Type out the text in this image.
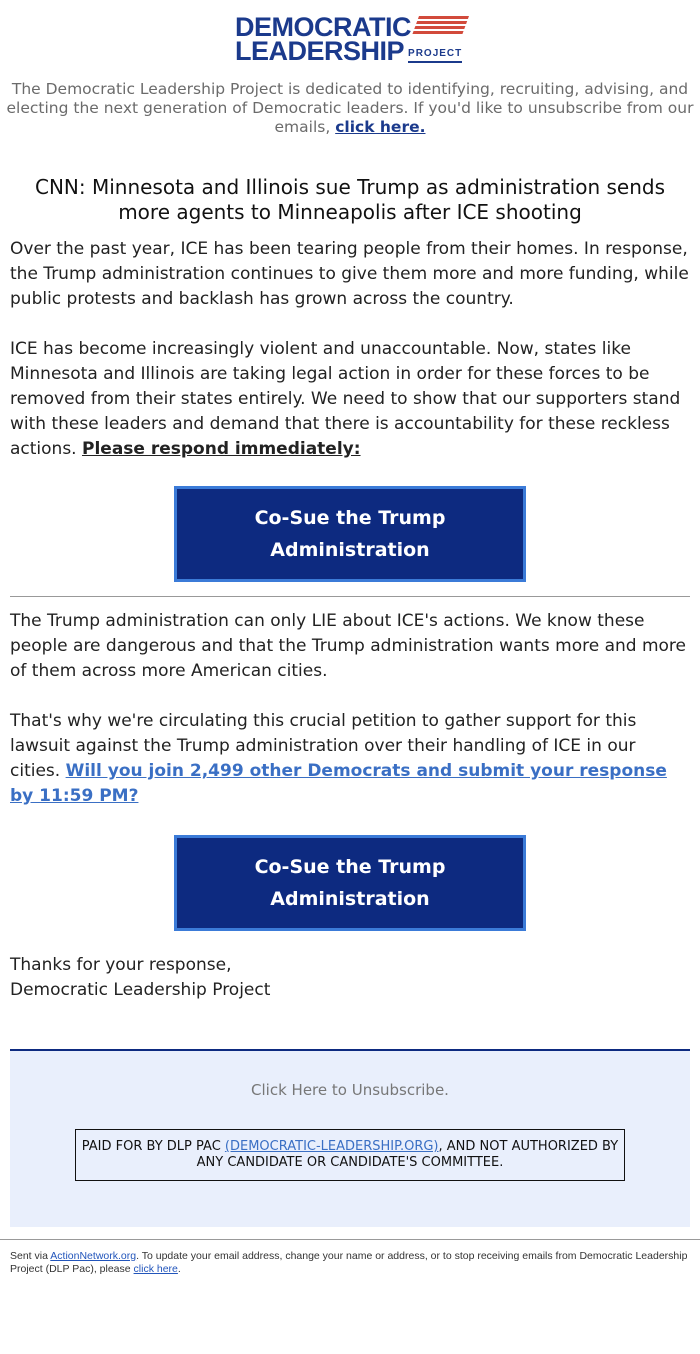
DEMOCRATIC
LEADERSHIP PROJECT

The Democratic Leadership Project is dedicated to identifying, recruiting, advising, and electing the next generation of Democratic leaders. If you'd like to unsubscribe from our emails, click here.

CNN: Minnesota and Illinois sue Trump as administration sends more agents to Minneapolis after ICE shooting

Over the past year, ICE has been tearing people from their homes. In response, the Trump administration continues to give them more and more funding, while public protests and backlash has grown across the country.

ICE has become increasingly violent and unaccountable. Now, states like Minnesota and Illinois are taking legal action in order for these forces to be removed from their states entirely. We need to show that our supporters stand with these leaders and demand that there is accountability for these reckless actions. Please respond immediately:

Co-Sue the Trump Administration

The Trump administration can only LIE about ICE's actions. We know these people are dangerous and that the Trump administration wants more and more of them across more American cities.

That's why we're circulating this crucial petition to gather support for this lawsuit against the Trump administration over their handling of ICE in our cities. Will you join 2,499 other Democrats and submit your response by 11:59 PM?

Co-Sue the Trump Administration

Thanks for your response,
Democratic Leadership Project

Click Here to Unsubscribe.
PAID FOR BY DLP PAC (DEMOCRATIC-LEADERSHIP.ORG), AND NOT AUTHORIZED BY ANY CANDIDATE OR CANDIDATE'S COMMITTEE.
Sent via ActionNetwork.org. To update your email address, change your name or address, or to stop receiving emails from Democratic Leadership Project (DLP Pac), please click here.
